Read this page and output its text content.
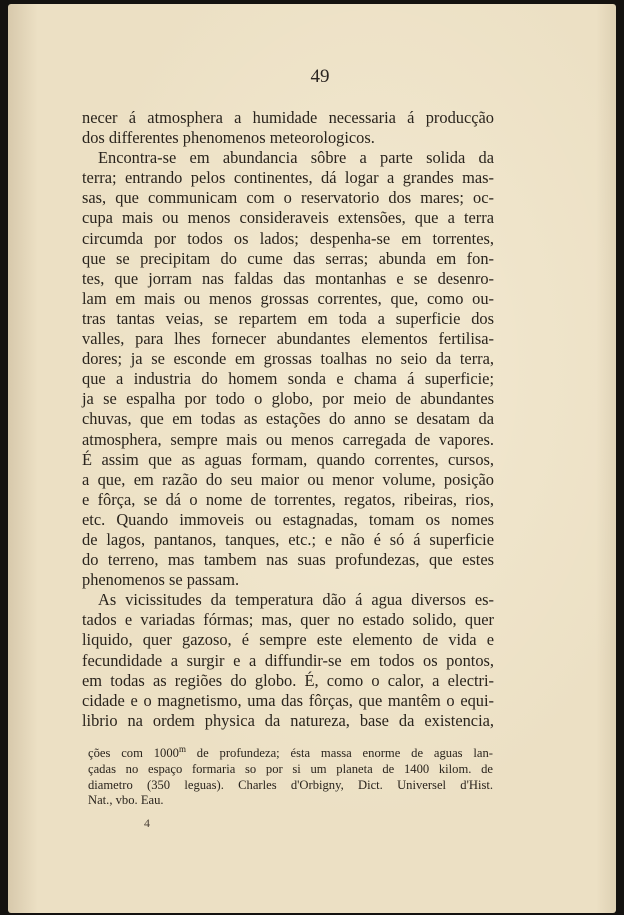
49
necer á atmosphera a humidade necessaria á producção
dos differentes phenomenos meteorologicos.
Encontra-se em abundancia sôbre a parte solida da
terra; entrando pelos continentes, dá logar a grandes mas-
sas, que communicam com o reservatorio dos mares; oc-
cupa mais ou menos consideraveis extensões, que a terra
circumda por todos os lados; despenha-se em torrentes,
que se precipitam do cume das serras; abunda em fon-
tes, que jorram nas faldas das montanhas e se desenro-
lam em mais ou menos grossas correntes, que, como ou-
tras tantas veias, se repartem em toda a superficie dos
valles, para lhes fornecer abundantes elementos fertilisa-
dores; ja se esconde em grossas toalhas no seio da terra,
que a industria do homem sonda e chama á superficie;
ja se espalha por todo o globo, por meio de abundantes
chuvas, que em todas as estações do anno se desatam da
atmosphera, sempre mais ou menos carregada de vapores.
É assim que as aguas formam, quando correntes, cursos,
a que, em razão do seu maior ou menor volume, posição
e fôrça, se dá o nome de torrentes, regatos, ribeiras, rios,
etc. Quando immoveis ou estagnadas, tomam os nomes
de lagos, pantanos, tanques, etc.; e não é só á superficie
do terreno, mas tambem nas suas profundezas, que estes
phenomenos se passam.
As vicissitudes da temperatura dão á agua diversos es-
tados e variadas fórmas; mas, quer no estado solido, quer
liquido, quer gazoso, é sempre este elemento de vida e
fecundidade a surgir e a diffundir-se em todos os pontos,
em todas as regiões do globo. É, como o calor, a electri-
cidade e o magnetismo, uma das fôrças, que mantêm o equi-
librio na ordem physica da natureza, base da existencia,
ções com 1000$^m$ de profundeza; ésta massa enorme de aguas lan-
çadas no espaço formaria so por si um planeta de 1400 kilom. de
diametro (350 leguas). Charles d'Orbigny, Dict. Universel d'Hist.
Nat., vbo. Eau.
4
